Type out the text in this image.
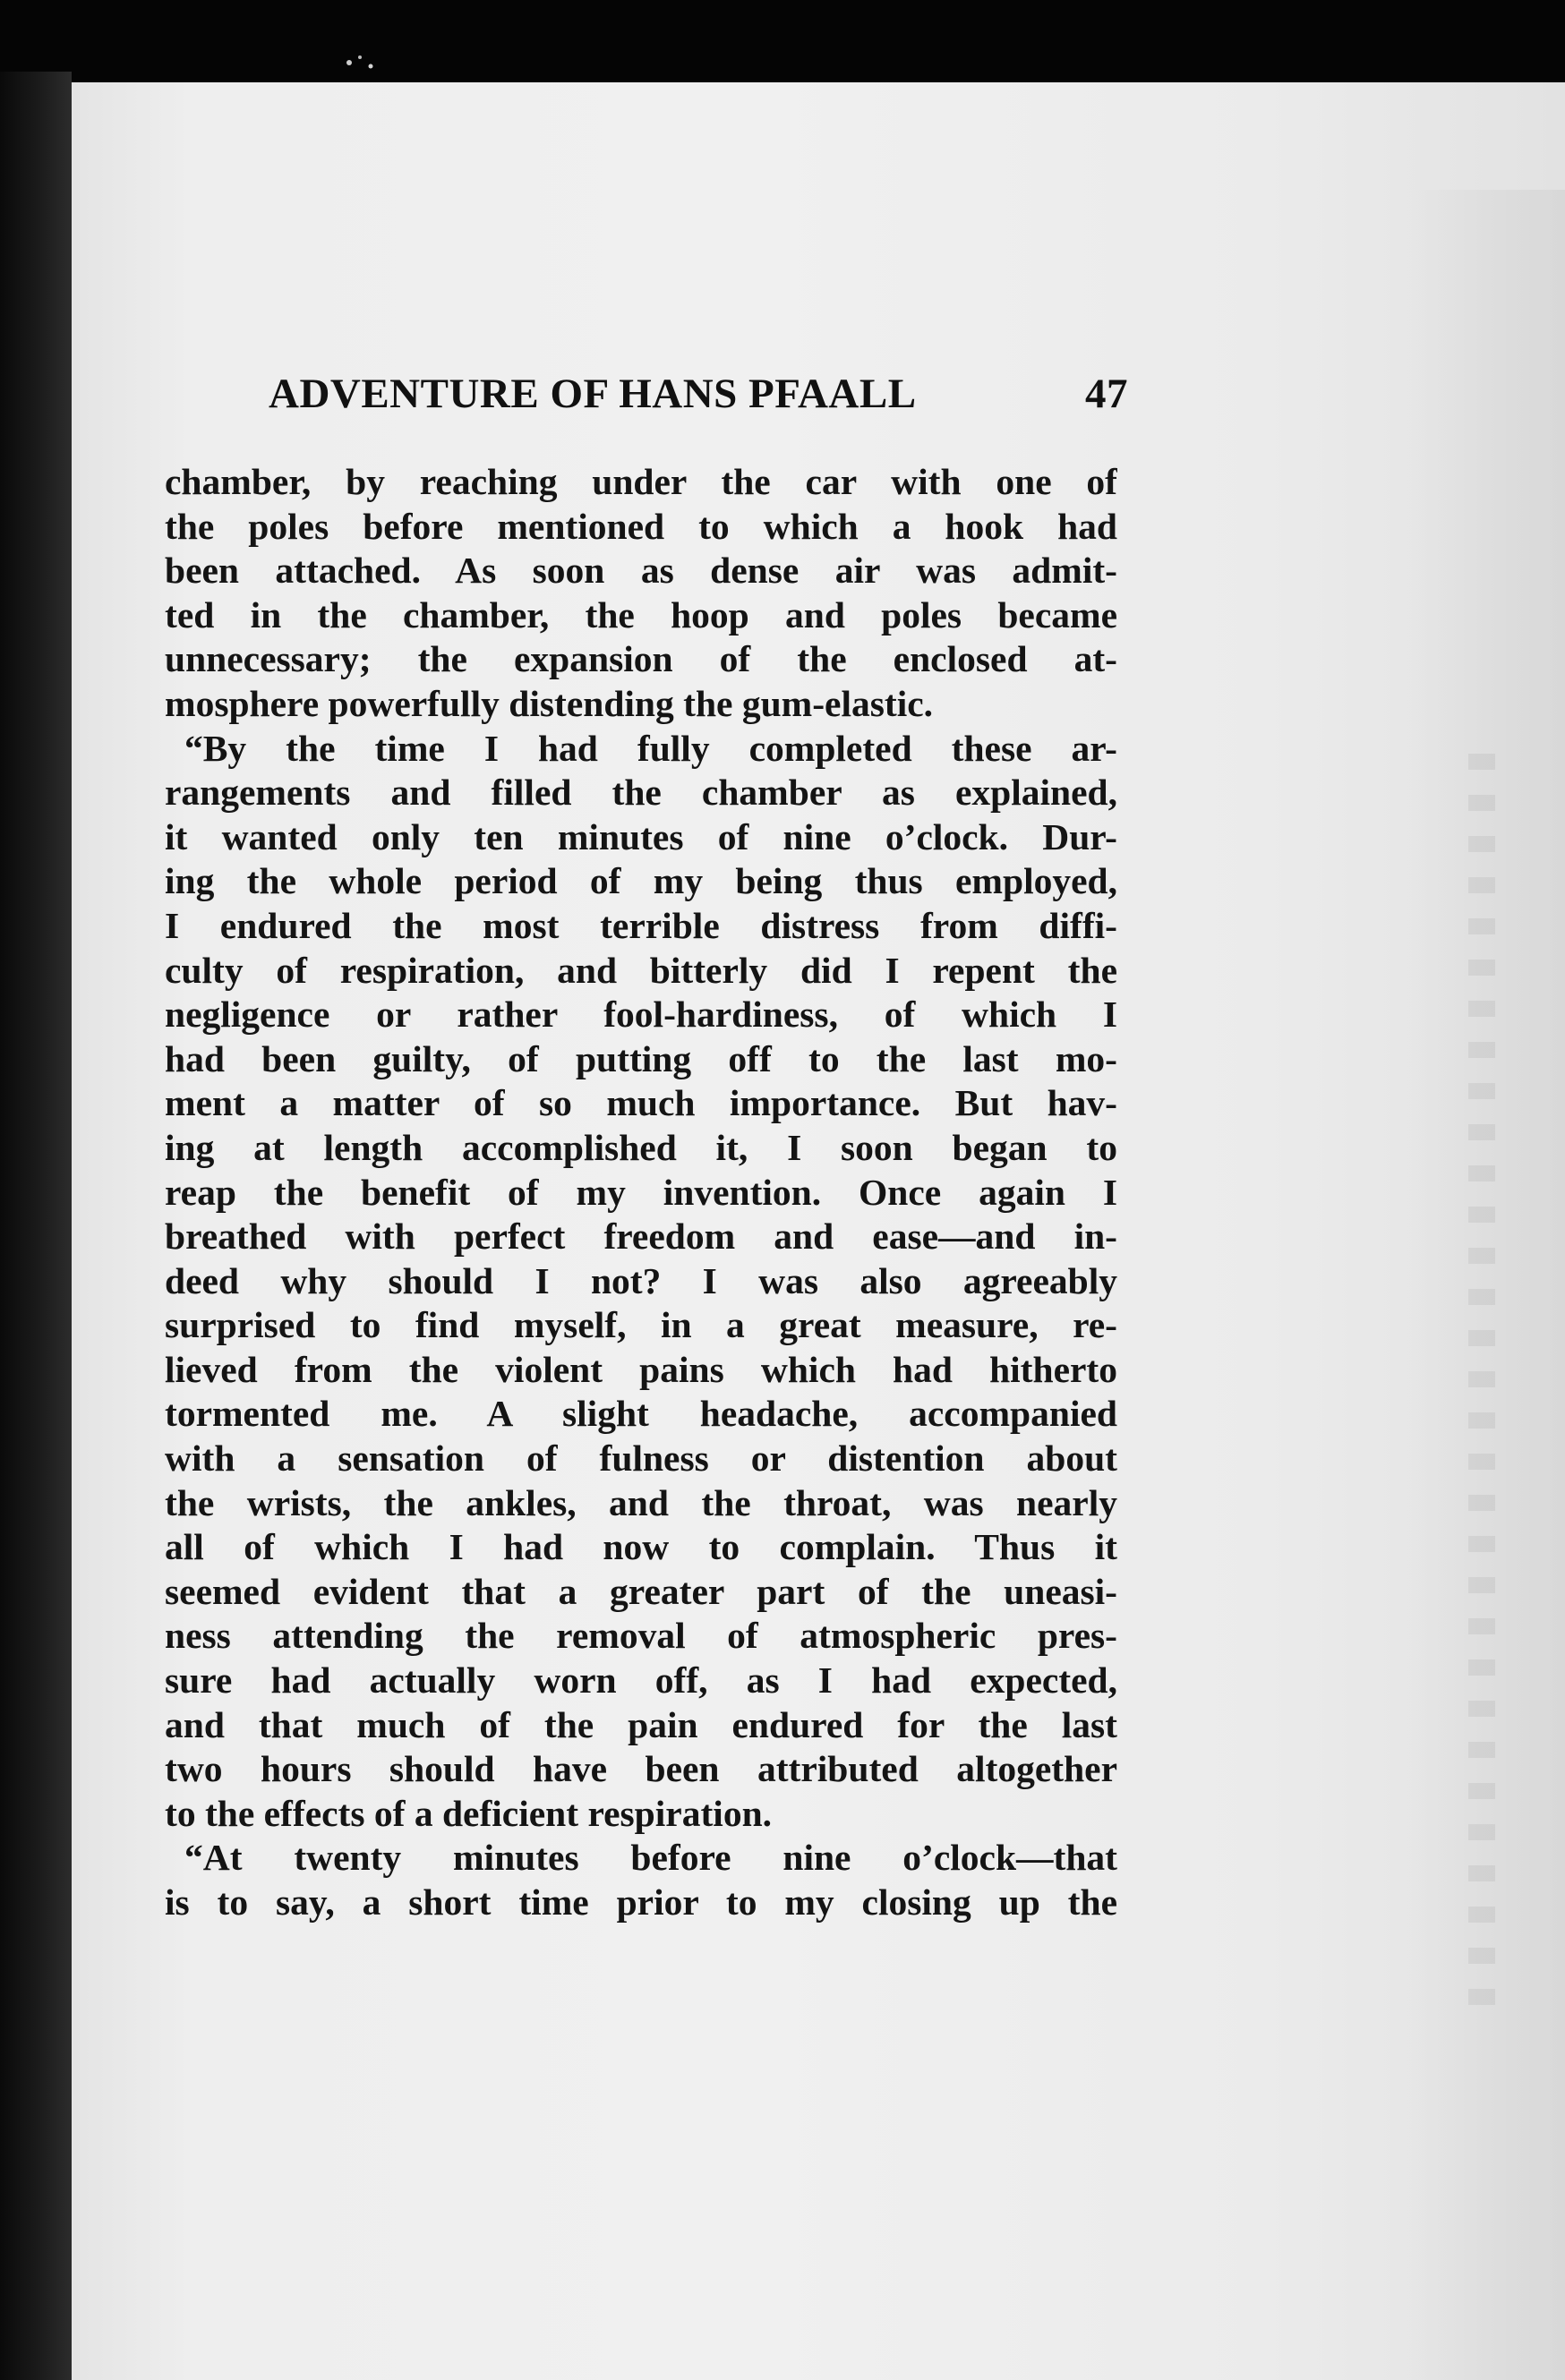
ADVENTURE OF HANS PFAALL	47
chamber, by reaching under the car with one of
the poles before mentioned to which a hook had
been attached. As soon as dense air was admit-
ted in the chamber, the hoop and poles became
unnecessary; the expansion of the enclosed at-
mosphere powerfully distending the gum-elastic.
“By the time I had fully completed these ar-
rangements and filled the chamber as explained,
it wanted only ten minutes of nine o’clock. Dur-
ing the whole period of my being thus employed,
I endured the most terrible distress from diffi-
culty of respiration, and bitterly did I repent the
negligence or rather fool-hardiness, of which I
had been guilty, of putting off to the last mo-
ment a matter of so much importance. But hav-
ing at length accomplished it, I soon began to
reap the benefit of my invention. Once again I
breathed with perfect freedom and ease—and in-
deed why should I not? I was also agreeably
surprised to find myself, in a great measure, re-
lieved from the violent pains which had hitherto
tormented me. A slight headache, accompanied
with a sensation of fulness or distention about
the wrists, the ankles, and the throat, was nearly
all of which I had now to complain. Thus it
seemed evident that a greater part of the uneasi-
ness attending the removal of atmospheric pres-
sure had actually worn off, as I had expected,
and that much of the pain endured for the last
two hours should have been attributed altogether
to the effects of a deficient respiration.
“At twenty minutes before nine o’clock—that
is to say, a short time prior to my closing up the
